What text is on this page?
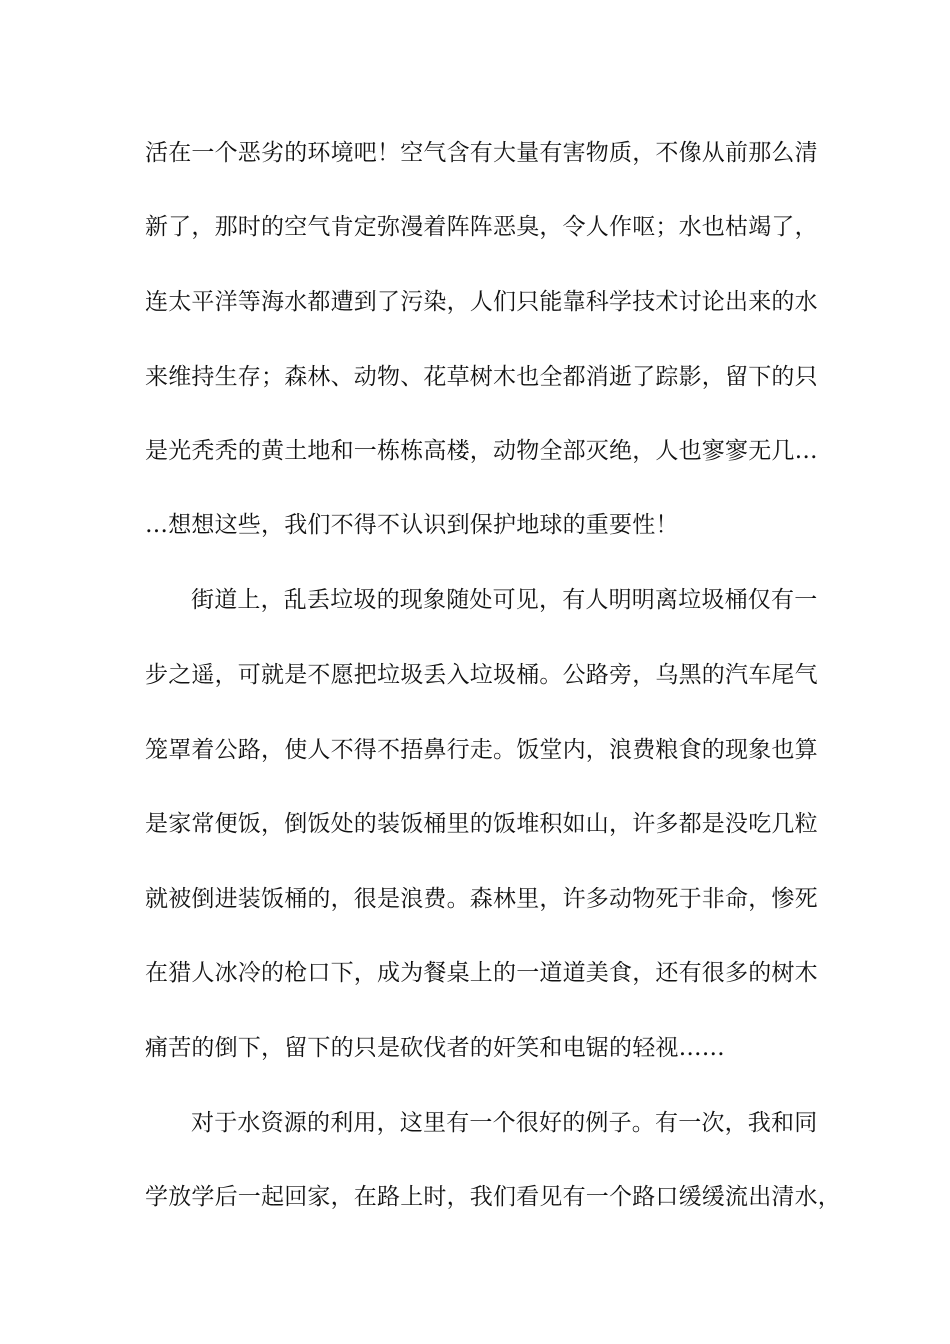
活在一个恶劣的环境吧！空气含有大量有害物质，不像从前那么清
新了，那时的空气肯定弥漫着阵阵恶臭，令人作呕；水也枯竭了，
连太平洋等海水都遭到了污染，人们只能靠科学技术讨论出来的水
来维持生存；森林、动物、花草树木也全都消逝了踪影，留下的只
是光秃秃的黄土地和一栋栋高楼，动物全部灭绝，人也寥寥无几…
…想想这些，我们不得不认识到保护地球的重要性！
街道上，乱丢垃圾的现象随处可见，有人明明离垃圾桶仅有一
步之遥，可就是不愿把垃圾丢入垃圾桶。公路旁，乌黑的汽车尾气
笼罩着公路，使人不得不捂鼻行走。饭堂内，浪费粮食的现象也算
是家常便饭，倒饭处的装饭桶里的饭堆积如山，许多都是没吃几粒
就被倒进装饭桶的，很是浪费。森林里，许多动物死于非命，惨死
在猎人冰冷的枪口下，成为餐桌上的一道道美食，还有很多的树木
痛苦的倒下，留下的只是砍伐者的奸笑和电锯的轻视……
对于水资源的利用，这里有一个很好的例子。有一次，我和同
学放学后一起回家，在路上时，我们看见有一个路口缓缓流出清水，
